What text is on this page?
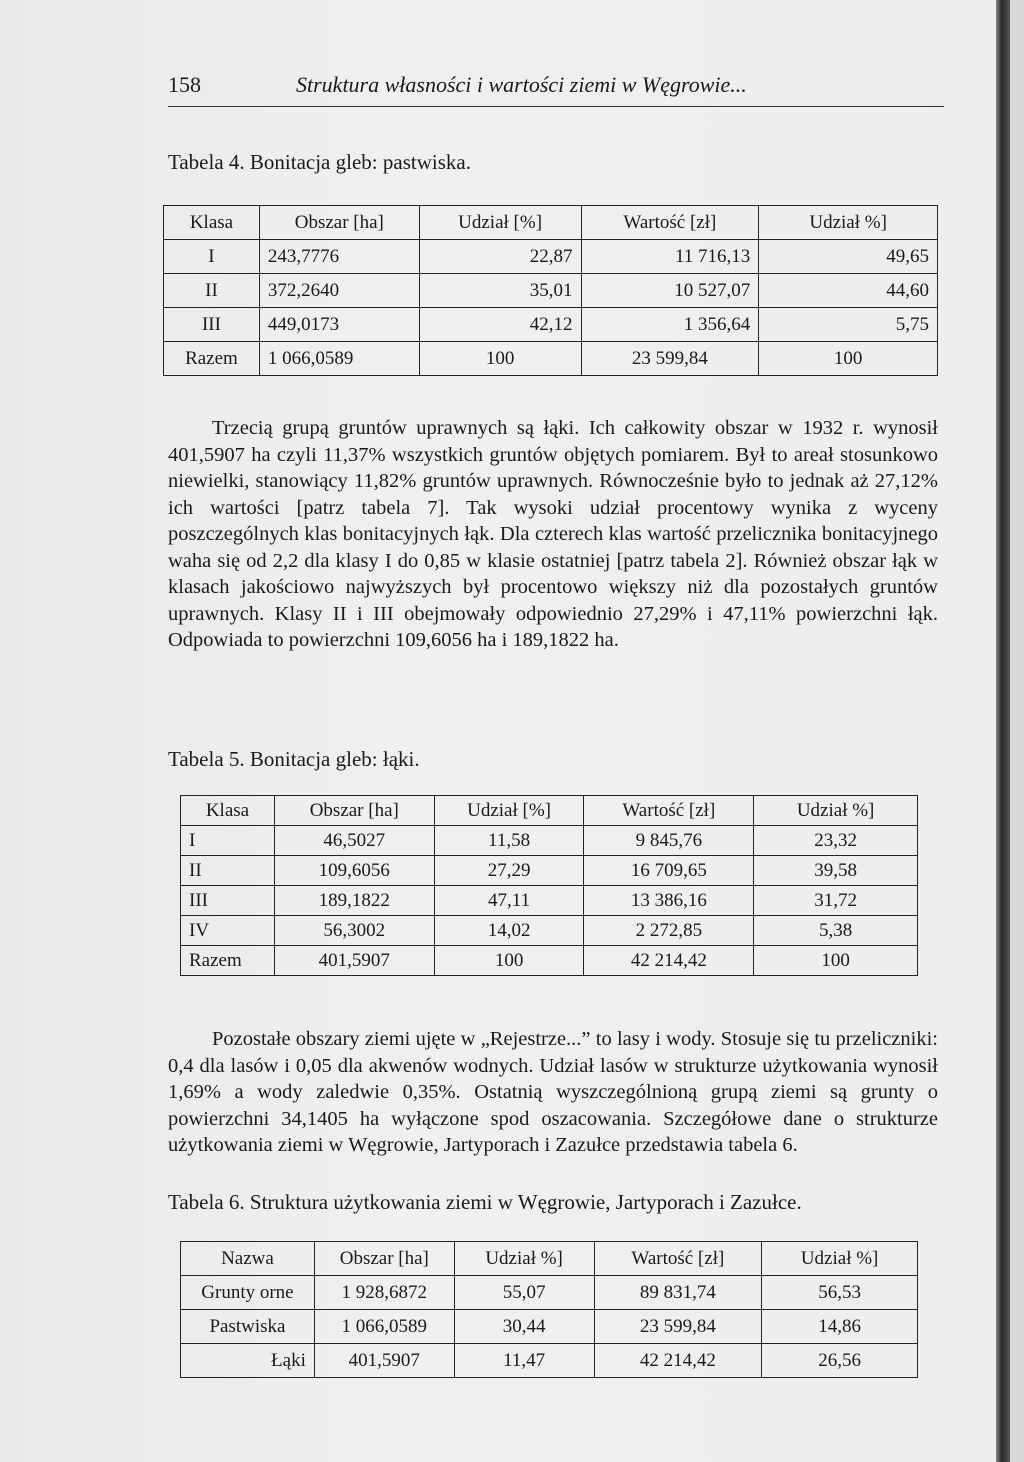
158	Struktura własności i wartości ziemi w Węgrowie...
Tabela 4. Bonitacja gleb: pastwiska.
Klasa	Obszar [ha]	Udział [%]	Wartość [zł]	Udział %]
I	243,7776	22,87	11 716,13	49,65
II	372,2640	35,01	10 527,07	44,60
III	449,0173	42,12	1 356,64	5,75
Razem	1 066,0589	100	23 599,84	100

Trzecią grupą gruntów uprawnych są łąki. Ich całkowity obszar w 1932 r. wynosił 401,5907 ha czyli 11,37% wszystkich gruntów objętych pomiarem. Był to areał stosunkowo niewielki, stanowiący 11,82% gruntów uprawnych. Równocześnie było to jednak aż 27,12% ich wartości [patrz tabela 7]. Tak wysoki udział procentowy wynika z wyceny poszczególnych klas bonitacyjnych łąk. Dla czterech klas wartość przelicznika bonitacyjnego waha się od 2,2 dla klasy I do 0,85 w klasie ostatniej [patrz tabela 2]. Również obszar łąk w klasach jakościowo najwyższych był procentowo większy niż dla pozostałych gruntów uprawnych. Klasy II i III obejmowały odpowiednio 27,29% i 47,11% powierzchni łąk. Odpowiada to powierzchni 109,6056 ha i 189,1822 ha.

Tabela 5. Bonitacja gleb: łąki.
Klasa	Obszar [ha]	Udział [%]	Wartość [zł]	Udział %]
I	46,5027	11,58	9 845,76	23,32
II	109,6056	27,29	16 709,65	39,58
III	189,1822	47,11	13 386,16	31,72
IV	56,3002	14,02	2 272,85	5,38
Razem	401,5907	100	42 214,42	100

Pozostałe obszary ziemi ujęte w „Rejestrze...” to lasy i wody. Stosuje się tu przeliczniki: 0,4 dla lasów i 0,05 dla akwenów wodnych. Udział lasów w strukturze użytkowania wynosił 1,69% a wody zaledwie 0,35%. Ostatnią wyszczególnioną grupą ziemi są grunty o powierzchni 34,1405 ha wyłączone spod oszacowania. Szczegółowe dane o strukturze użytkowania ziemi w Węgrowie, Jartyporach i Zazułce przedstawia tabela 6.

Tabela 6. Struktura użytkowania ziemi w Węgrowie, Jartyporach i Zazułce.
Nazwa	Obszar [ha]	Udział %]	Wartość [zł]	Udział %]
Grunty orne	1 928,6872	55,07	89 831,74	56,53
Pastwiska	1 066,0589	30,44	23 599,84	14,86
Łąki	401,5907	11,47	42 214,42	26,56
